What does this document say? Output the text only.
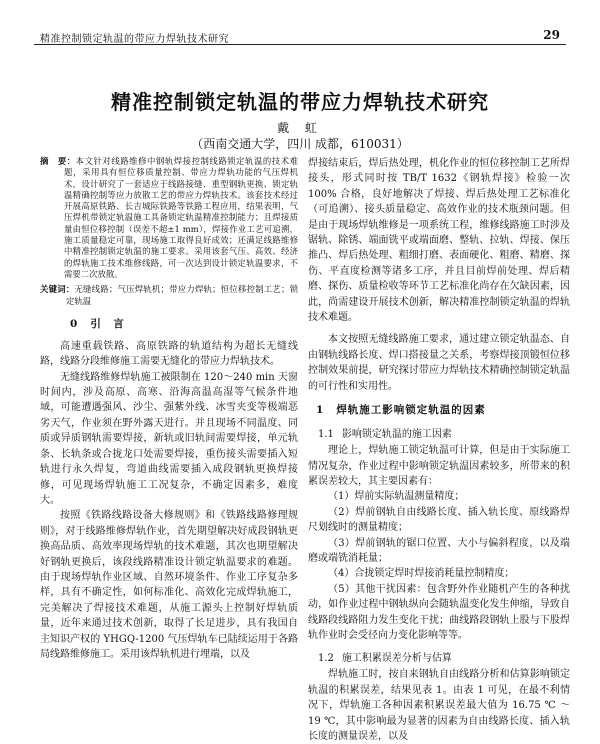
精准控制锁定轨温的带应力焊轨技术研究	29
精准控制锁定轨温的带应力焊轨技术研究
戴 虹
（西南交通大学，四川 成都，610031）
摘　要：本文针对线路维修中钢轨焊接控制线路锁定轨温的技术难题，采用具有恒位移质量控制、带应力焊轨功能的气压焊机术，设计研究了一套适应于线路接缝、重型钢轨更换、锁定轨温精确控制等应力放散工艺的带应力焊轨技术。该套技术经过开展高原铁路、长吉城际铁路等铁路工程应用，结果表明，气压焊机带锁定轨温施工具备锁定轨温精准控制能力；且焊接质量由恒位移控制（误差不超±1 mm），焊接作业工艺可追溯，施工质量稳定可靠，现场施工取得良好成效；还满足线路维修中精准控制锁定轨温的施工要求。采用该套气压、高效、经济的焊轨施工技术维修线路，可一次达到设计锁定轨温要求，不需要二次放散。
关键词：无缝线路；气压焊轨机；带应力焊轨；恒位移控制工艺；锁定轨温
0 引　言

高速重载铁路、高原铁路的轨道结构为超长无缝线路，线路分段维修施工需要无缝化的带应力焊轨技术。

无缝线路维修焊轨施工被限制在 120～240 min 天窗时间内，涉及高原、高寒、沿海高温高湿等气候条件地域，可能遭遇强风、沙尘、强紫外线、冰雪夹变等极端恶劣天气，作业须在野外露天进行。并且现场不同温度、同质或异质钢轨需要焊接，新轨或旧轨间需要焊接，单元轨条、长轨条或合拢龙口处需要焊接，重伤接头需要插入短轨进行永久焊复，弯道曲线需要插入成段钢轨更换焊接修，可见现场焊轨施工工况复杂，不确定因素多，难度大。

按照《铁路线路设备大修规则》和《铁路线路修理规则》，对于线路维修焊轨作业，首先期望解决好成段钢轨更换高品质、高效率现场焊轨的技术难题，其次也期望解决好钢轨更换后，该段线路精准设计锁定轨温要求的难题。由于现场焊轨作业区域、自然环境条件、作业工序复杂多样，具有不确定性，如何标准化、高效化完成焊轨施工，完美解决了焊接技术难题，从施工源头上控制好焊轨质量，近年来通过技术创新，取得了长足进步，具有我国自主知识产权的 YHGQ-1200 气压焊轨车已陆续运用于各路局线路维修施工。采用该焊轨机进行埋端，以及

焊接结束后，焊后热处理，机化作业的恒位移控制工艺所焊接头，形式同时按 TB/T 1632《钢轨焊接》检验一次100% 合格，良好地解决了焊接、焊后热处理工艺标准化（可追溯）、接头质量稳定、高效作业的技术瓶颈问题。但是由于现场焊轨维修是一项系统工程，维修线路施工时涉及锯轨、除锈、端面铣平或端面磨、整轨、拉轨、焊接、保压推凸、焊后热处理、粗细打磨、表面硬化、粗磨、精磨、探伤、平直度检测等诸多工序，并且目前焊前处理、焊后精磨、探伤、质量检收等环节工艺标准化尚存在欠缺因素，因此，尚需建设开展技术创新，解决精准控制锁定轨温的焊轨技术难题。

本文按照无缝线路施工要求，通过建立锁定轨温态、自由钢轨线路长度、焊口搭接量之关系，考察焊接顶锻恒位移控制效果前提，研究探讨带应力焊轨技术精确控制锁定轨温的可行性和实用性。

1 焊轨施工影响锁定轨温的因素
1.1 影响锁定轨温的施工因素

理论上，焊轨施工锁定轨温可计算，但是由于实际施工情况复杂，作业过程中影响锁定轨温因素较多，所带来的积累误差较大，其主要因素有：

（1）焊前实际轨温测量精度；

（2）焊前钢轨自由线路长度、插入轨长度、原线路焊尺划线时的测量精度；

（3）焊前钢轨的锯口位置、大小与偏斜程度，以及端磨或端铣消耗量；

（4）合拢锁定焊时焊接消耗量控制精度；

（5）其他干扰因素：包含野外作业随机产生的各种扰动，如作业过程中钢轨纵向会随轨温变化发生伸缩，导致自线路段线路阻力发生变化干扰；曲线路段钢轨上股与下股焊轨作业时会受径向力变化影响等等。

1.2 施工积累误差分析与估算

焊轨施工时，按自来钢轨自由线路分析和估算影响锁定轨温的积累误差，结果见表 1。由表 1 可见，在最不利情况下，焊轨施工各种因素积累误差最大值为 16.75 ℃ ～19 ℃，其中影响最为显著的因素为自由线路长度、插入轨长度的测量误差，以及
